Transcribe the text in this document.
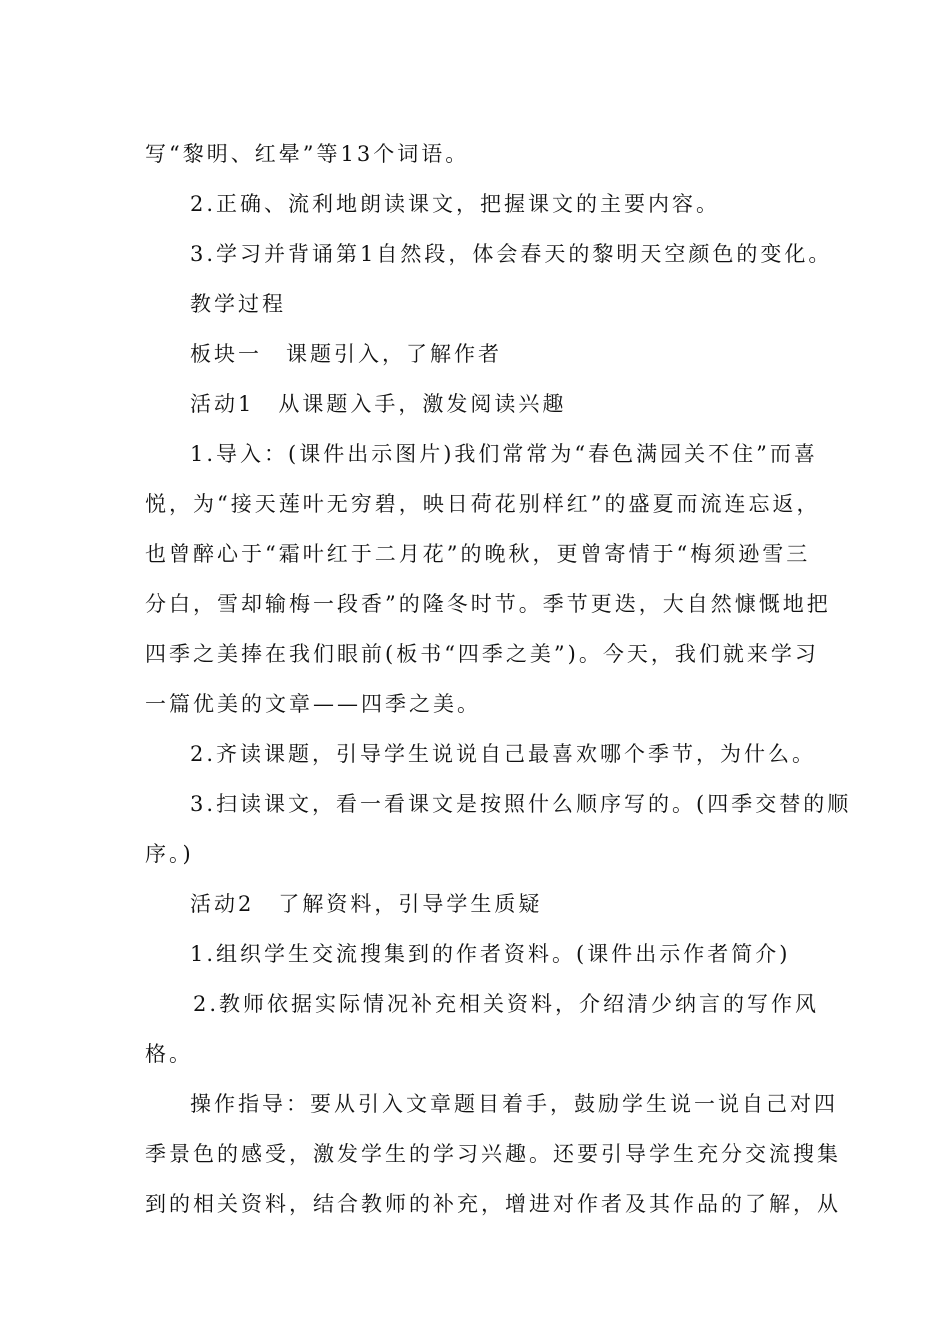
写“黎明、红晕”等13个词语。
2.正确、流利地朗读课文，把握课文的主要内容。
3.学习并背诵第1自然段，体会春天的黎明天空颜色的变化。
教学过程
板块一　课题引入，了解作者
活动1　从课题入手，激发阅读兴趣
1.导入：(课件出示图片)我们常常为“春色满园关不住”而喜
悦，为“接天莲叶无穷碧，映日荷花别样红”的盛夏而流连忘返，
也曾醉心于“霜叶红于二月花”的晚秋，更曾寄情于“梅须逊雪三
分白，雪却输梅一段香”的隆冬时节。季节更迭，大自然慷慨地把
四季之美捧在我们眼前(板书“四季之美”)。今天，我们就来学习
一篇优美的文章——四季之美。
2.齐读课题，引导学生说说自己最喜欢哪个季节，为什么。
3.扫读课文，看一看课文是按照什么顺序写的。(四季交替的顺
序。)
活动2　了解资料，引导学生质疑
1.组织学生交流搜集到的作者资料。(课件出示作者简介)
2.教师依据实际情况补充相关资料，介绍清少纳言的写作风
格。
操作指导：要从引入文章题目着手，鼓励学生说一说自己对四
季景色的感受，激发学生的学习兴趣。还要引导学生充分交流搜集
到的相关资料，结合教师的补充，增进对作者及其作品的了解，从
